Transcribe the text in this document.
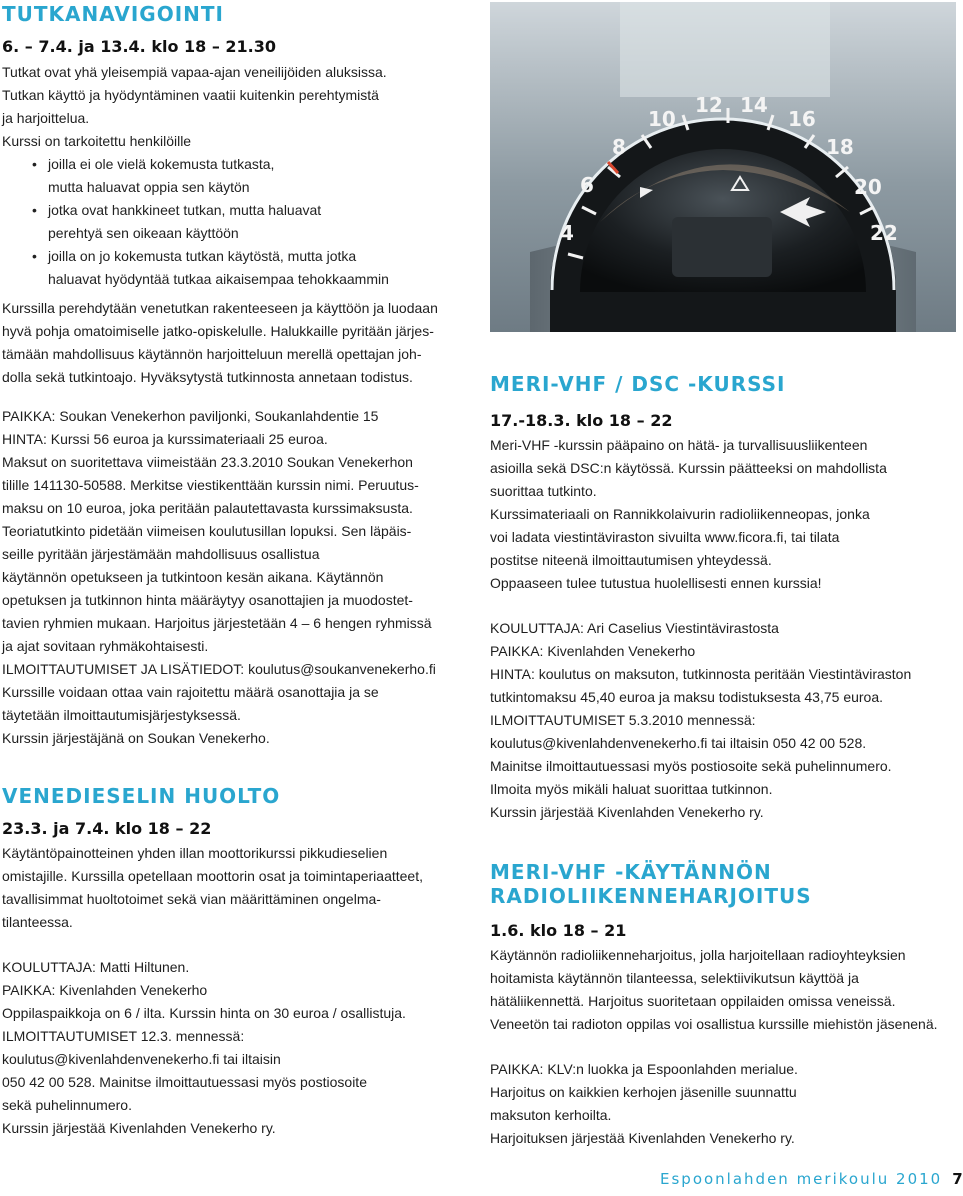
TUTKANAVIGOINTI
6. – 7.4. ja 13.4. klo 18 – 21.30

Tutkat ovat yhä yleisempiä vapaa-ajan veneilijöiden aluksissa.

Tutkan käyttö ja hyödyntäminen vaatii kuitenkin perehtymistä

ja harjoittelua.

Kurssi on tarkoitettu henkilöille

• joilla ei ole vielä kokemusta tutkasta,
mutta haluavat oppia sen käytön
• jotka ovat hankkineet tutkan, mutta haluavat
perehtyä sen oikeaan käyttöön
• joilla on jo kokemusta tutkan käytöstä, mutta jotka
haluavat hyödyntää tutkaa aikaisempaa tehokkaammin

Kurssilla perehdytään venetutkan rakenteeseen ja käyttöön ja luodaan

hyvä pohja omatoimiselle jatko-opiskelulle. Halukkaille pyritään järjes-

tämään mahdollisuus käytännön harjoitteluun merellä opettajan joh-

dolla sekä tutkintoajo. Hyväksytystä tutkinnosta annetaan todistus.

PAIKKA: Soukan Venekerhon paviljonki, Soukanlahdentie 15

HINTA: Kurssi 56 euroa ja kurssimateriaali 25 euroa.

Maksut on suoritettava viimeistään 23.3.2010 Soukan Venekerhon

tilille 141130-50588. Merkitse viestikenttään kurssin nimi. Peruutus-

maksu on 10 euroa, joka peritään palautettavasta kurssimaksusta.

Teoriatutkinto pidetään viimeisen koulutusillan lopuksi. Sen läpäis-

seille pyritään järjestämään mahdollisuus osallistua

käytännön opetukseen ja tutkintoon kesän aikana. Käytännön

opetuksen ja tutkinnon hinta määräytyy osanottajien ja muodostet-

tavien ryhmien mukaan. Harjoitus järjestetään 4 – 6 hengen ryhmissä

ja ajat sovitaan ryhmäkohtaisesti.

ILMOITTAUTUMISET JA LISÄTIEDOT: koulutus@soukanvenekerho.fi

Kurssille voidaan ottaa vain rajoitettu määrä osanottajia ja se

täytetään ilmoittautumisjärjestyksessä.

Kurssin järjestäjänä on Soukan Venekerho.

VENEDIESELIN HUOLTO
23.3. ja 7.4. klo 18 – 22

Käytäntöpainotteinen yhden illan moottorikurssi pikkudieselien

omistajille. Kurssilla opetellaan moottorin osat ja toimintaperiaatteet,

tavallisimmat huoltotoimet sekä vian määrittäminen ongelma-

tilanteessa.

KOULUTTAJA: Matti Hiltunen.

PAIKKA: Kivenlahden Venekerho

Oppilaspaikkoja on 6 / ilta. Kurssin hinta on 30 euroa / osallistuja.

ILMOITTAUTUMISET 12.3. mennessä:

koulutus@kivenlahdenvenekerho.fi tai iltaisin

050 42 00 528. Mainitse ilmoittautuessasi myös postiosoite

sekä puhelinnumero.

Kurssin järjestää Kivenlahden Venekerho ry.

4
6
8
10
12 14
16
18
20
22
MERI-VHF / DSC -KURSSI
17.-18.3. klo 18 – 22

Meri-VHF -kurssin pääpaino on hätä- ja turvallisuusliikenteen

asioilla sekä DSC:n käytössä. Kurssin päätteeksi on mahdollista

suorittaa tutkinto.

Kurssimateriaali on Rannikkolaivurin radioliikenneopas, jonka

voi ladata viestintäviraston sivuilta www.ficora.fi, tai tilata

postitse niteenä ilmoittautumisen yhteydessä.

Oppaaseen tulee tutustua huolellisesti ennen kurssia!

KOULUTTAJA: Ari Caselius Viestintävirastosta

PAIKKA: Kivenlahden Venekerho

HINTA: koulutus on maksuton, tutkinnosta peritään Viestintäviraston

tutkintomaksu 45,40 euroa ja maksu todistuksesta 43,75 euroa.

ILMOITTAUTUMISET 5.3.2010 mennessä:

koulutus@kivenlahdenvenekerho.fi tai iltaisin 050 42 00 528.

Mainitse ilmoittautuessasi myös postiosoite sekä puhelinnumero.

Ilmoita myös mikäli haluat suorittaa tutkinnon.

Kurssin järjestää Kivenlahden Venekerho ry.

MERI-VHF -KÄYTÄNNÖN
RADIOLIIKENNEHARJOITUS
1.6. klo 18 – 21

Käytännön radioliikenneharjoitus, jolla harjoitellaan radioyhteyksien

hoitamista käytännön tilanteessa, selektiivikutsun käyttöä ja

hätäliikennettä. Harjoitus suoritetaan oppilaiden omissa veneissä.

Veneetön tai radioton oppilas voi osallistua kurssille miehistön jäsenenä.

PAIKKA: KLV:n luokka ja Espoonlahden merialue.

Harjoitus on kaikkien kerhojen jäsenille suunnattu

maksuton kerhoilta.

Harjoituksen järjestää Kivenlahden Venekerho ry.

Espoonlahden merikoulu 2010 7
